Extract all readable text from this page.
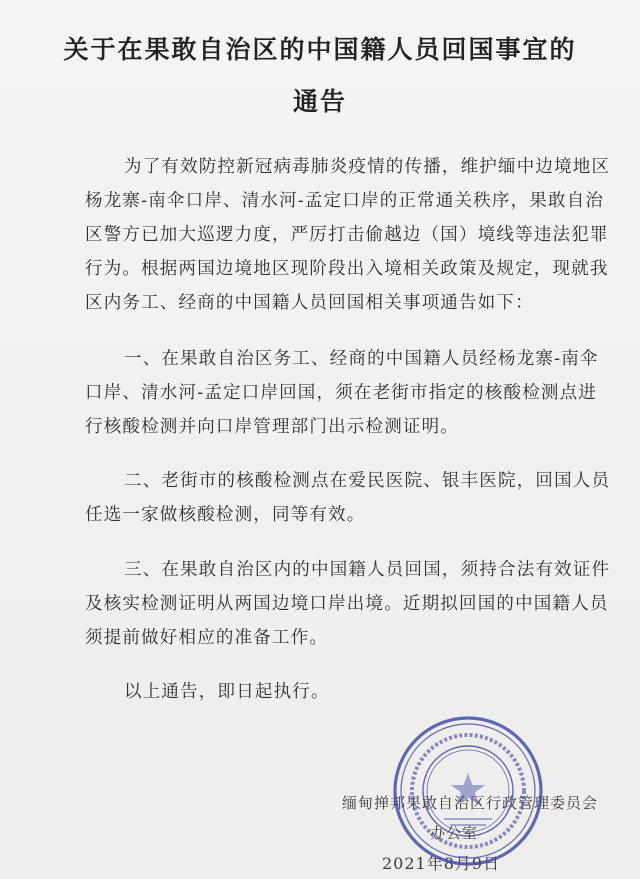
关于在果敢自治区的中国籍人员回国事宜的
通告
为了有效防控新冠病毒肺炎疫情的传播，维护缅中边境地区
杨龙寨-南伞口岸、清水河-孟定口岸的正常通关秩序，果敢自治
区警方已加大巡逻力度，严厉打击偷越边（国）境线等违法犯罪
行为。根据两国边境地区现阶段出入境相关政策及规定，现就我
区内务工、经商的中国籍人员回国相关事项通告如下：
一、在果敢自治区务工、经商的中国籍人员经杨龙寨-南伞
口岸、清水河-孟定口岸回国，须在老街市指定的核酸检测点进
行核酸检测并向口岸管理部门出示检测证明。
二、老街市的核酸检测点在爱民医院、银丰医院，回国人员
任选一家做核酸检测，同等有效。
三、在果敢自治区内的中国籍人员回国，须持合法有效证件
及核实检测证明从两国边境口岸出境。近期拟回国的中国籍人员
须提前做好相应的准备工作。
以上通告，即日起执行。
缅甸掸邦果敢自治区行政管理委员会
办公室
2021年8月9日
